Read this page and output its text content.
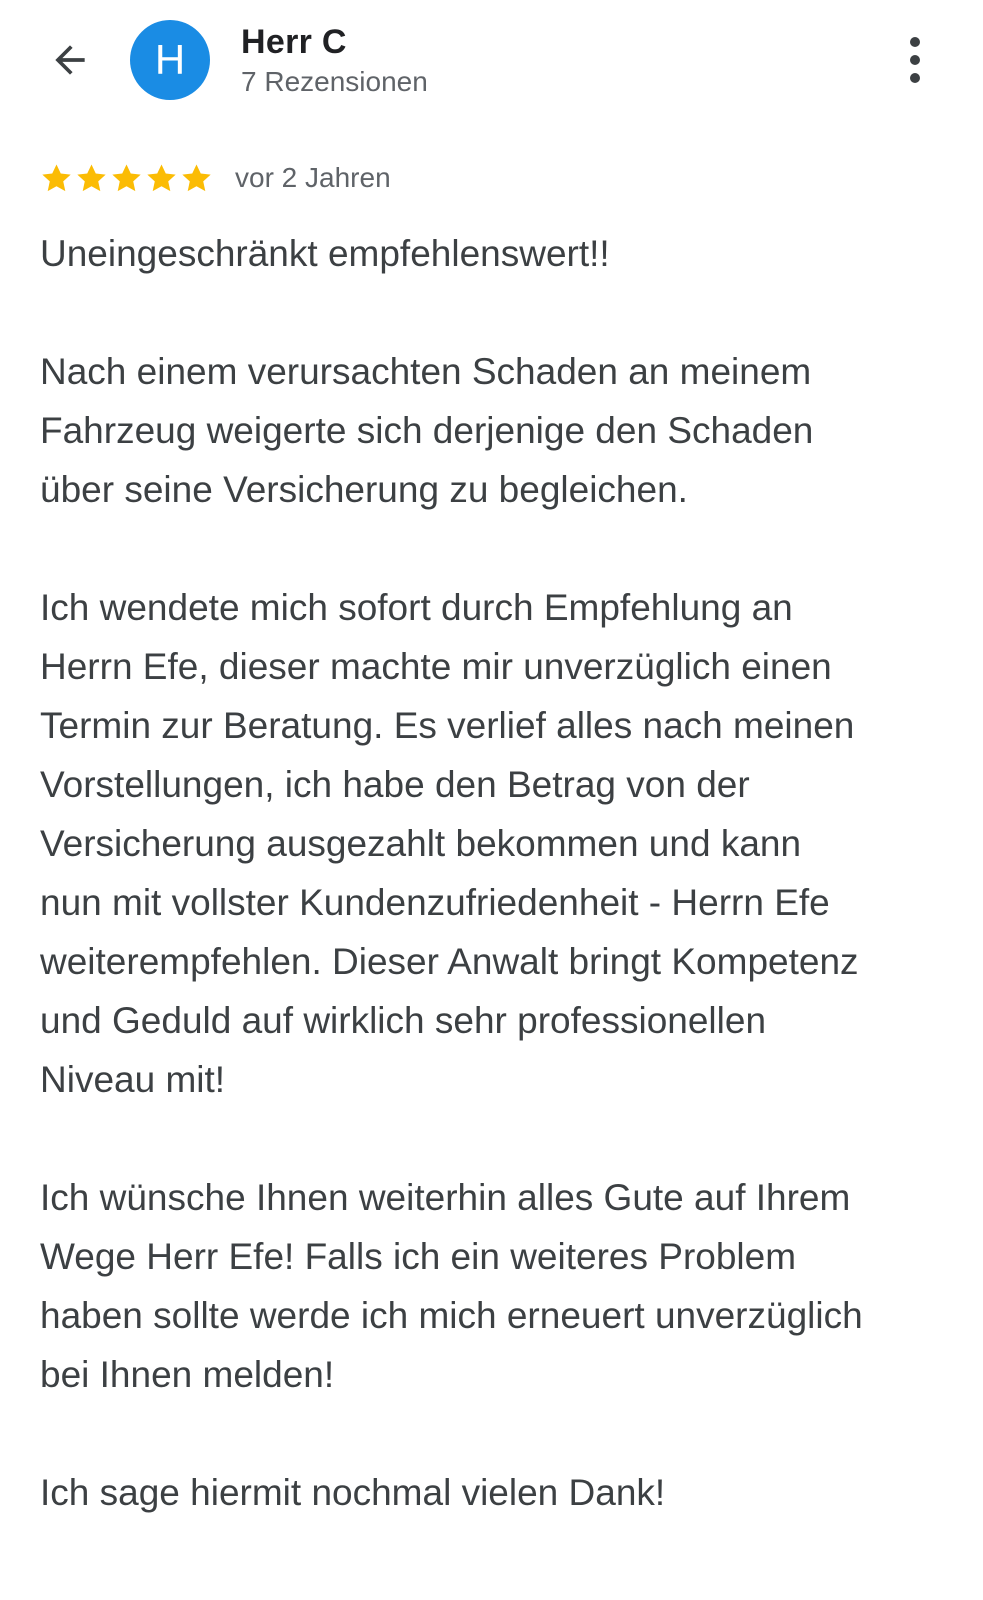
H Herr C
7 Rezensionen
vor 2 Jahren

Uneingeschränkt empfehlenswert!!

Nach einem verursachten Schaden an meinem
Fahrzeug weigerte sich derjenige den Schaden
über seine Versicherung zu begleichen.

Ich wendete mich sofort durch Empfehlung an
Herrn Efe, dieser machte mir unverzüglich einen
Termin zur Beratung. Es verlief alles nach meinen
Vorstellungen, ich habe den Betrag von der
Versicherung ausgezahlt bekommen und kann
nun mit vollster Kundenzufriedenheit - Herrn Efe
weiterempfehlen. Dieser Anwalt bringt Kompetenz
und Geduld auf wirklich sehr professionellen
Niveau mit!

Ich wünsche Ihnen weiterhin alles Gute auf Ihrem
Wege Herr Efe! Falls ich ein weiteres Problem
haben sollte werde ich mich erneuert unverzüglich
bei Ihnen melden!

Ich sage hiermit nochmal vielen Dank!
